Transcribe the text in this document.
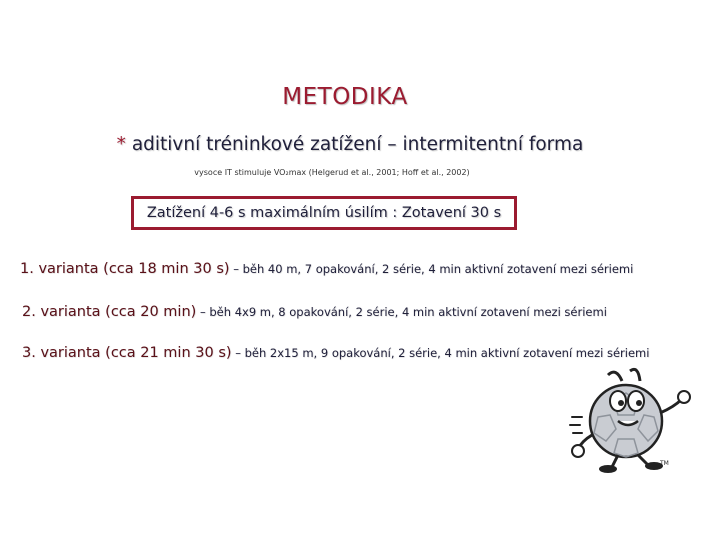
METODIKA
* aditivní tréninkové zatížení – intermitentní forma
vysoce IT stimuluje VO₂max (Helgerud et al., 2001; Hoff et al., 2002)
Zatížení 4-6 s maximálním úsilím : Zotavení 30 s
1. varianta (cca 18 min 30 s) – běh 40 m, 7 opakování, 2 série, 4 min aktivní zotavení mezi sériemi
2. varianta (cca 20 min) – běh 4x9 m, 8 opakování, 2 série, 4 min aktivní zotavení mezi sériemi
3. varianta (cca 21 min 30 s) – běh 2x15 m, 9 opakování, 2 série, 4 min aktivní zotavení mezi sériemi
TM
